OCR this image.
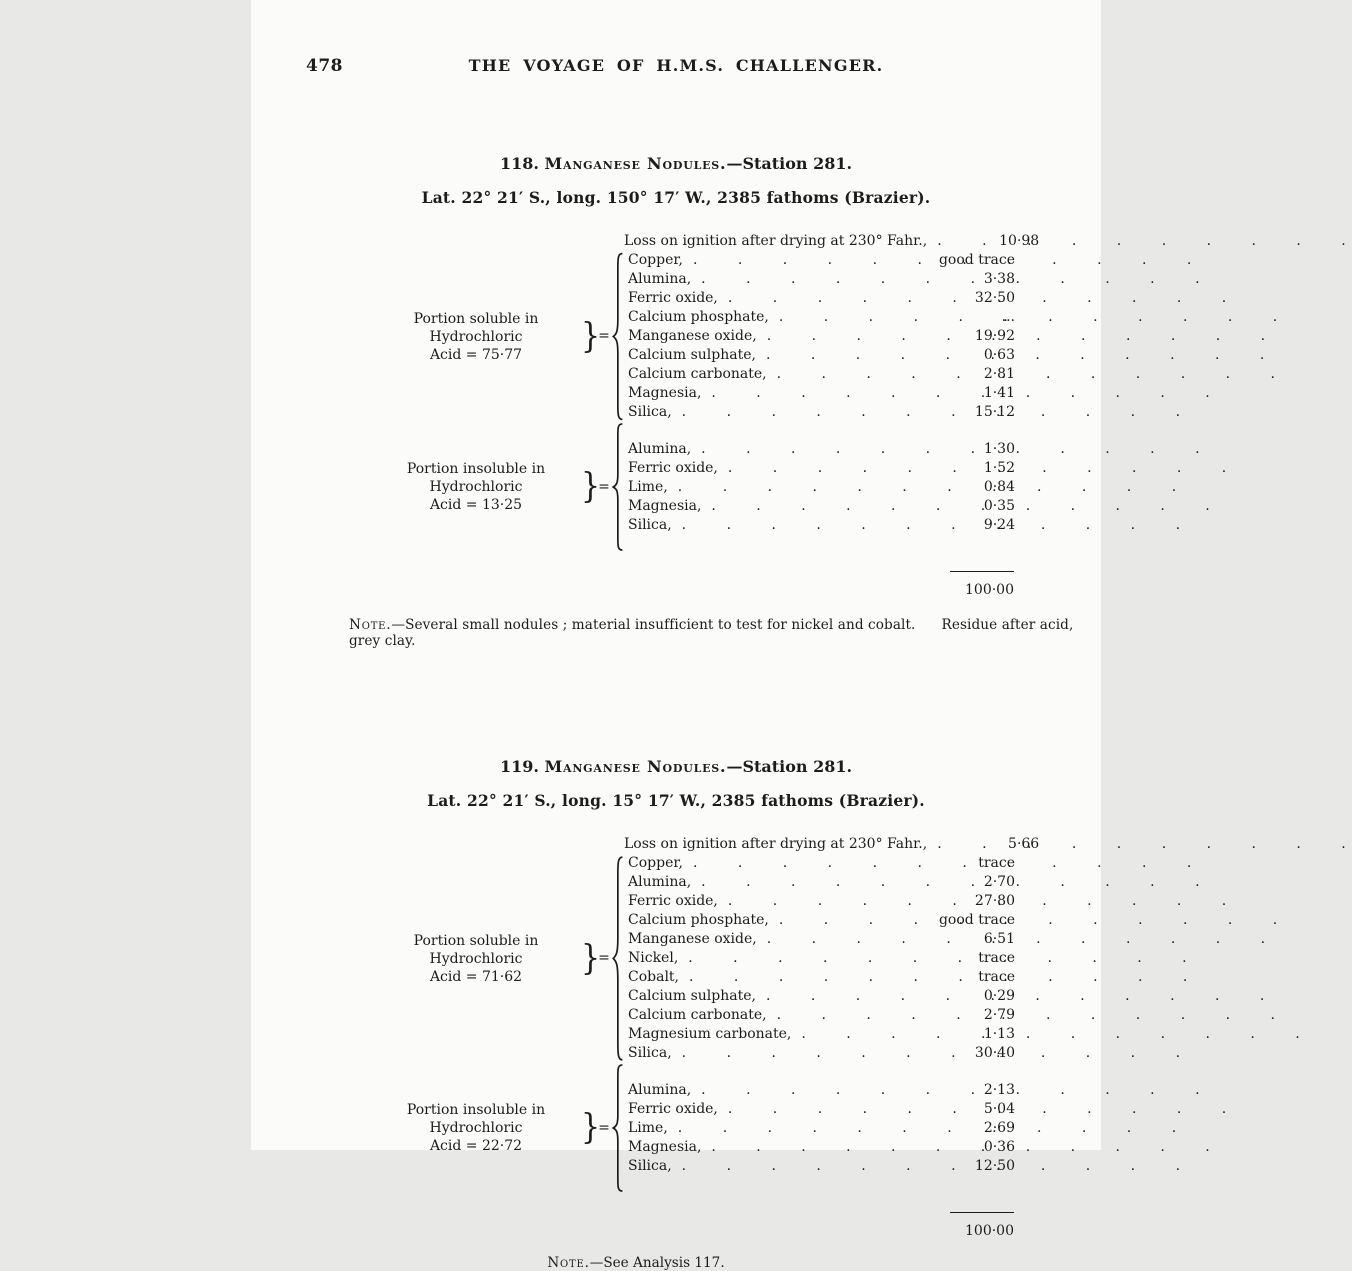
478	THE VOYAGE OF H.M.S. CHALLENGER.
118. Manganese Nodules.—Station 281.
Lat. 22° 21′ S., long. 150° 17′ W., 2385 fathoms (Brazier).
Loss on ignition after drying at 230° Fahr., . . .	10·98
Portion soluble in Hydrochloric
Acid = 75·77	}
=
Copper, . . .	good trace
Alumina, . . .	3·38
Ferric oxide, . . .	32·50
Calcium phosphate, . . .	...
Manganese oxide, . . .	19·92
Calcium sulphate, . . .	0·63
Calcium carbonate, . . .	2·81
Magnesia, . . .	1·41
Silica, . . .	15·12
Portion insoluble in Hydrochloric
Acid = 13·25	}
=
Alumina, . . .	1·30
Ferric oxide, . . .	1·52
Lime, . . .	0·84
Magnesia, . . .	0·35
Silica, . . .	9·24
100·00
Note.—Several small nodules ; material insufficient to test for nickel and cobalt. Residue after acid, grey clay.
119. Manganese Nodules.—Station 281.
Lat. 22° 21′ S., long. 15° 17′ W., 2385 fathoms (Brazier).
Loss on ignition after drying at 230° Fahr., . . .	5·66
Portion soluble in Hydrochloric
Acid = 71·62	}
=
Copper, . . .	trace
Alumina, . . .	2·70
Ferric oxide, . . .	27·80
Calcium phosphate, . . .	good trace
Manganese oxide, . . .	6·51
Nickel, . . .	trace
Cobalt, . . .	trace
Calcium sulphate, . . .	0·29
Calcium carbonate, . . .	2·79
Magnesium carbonate, . . .	1·13
Silica, . . .	30·40
Portion insoluble in Hydrochloric
Acid = 22·72	}
=
Alumina, . . .	2·13
Ferric oxide, . . .	5·04
Lime, . . .	2·69
Magnesia, . . .	0·36
Silica, . . .	12·50
100·00
Note.—See Analysis 117.
